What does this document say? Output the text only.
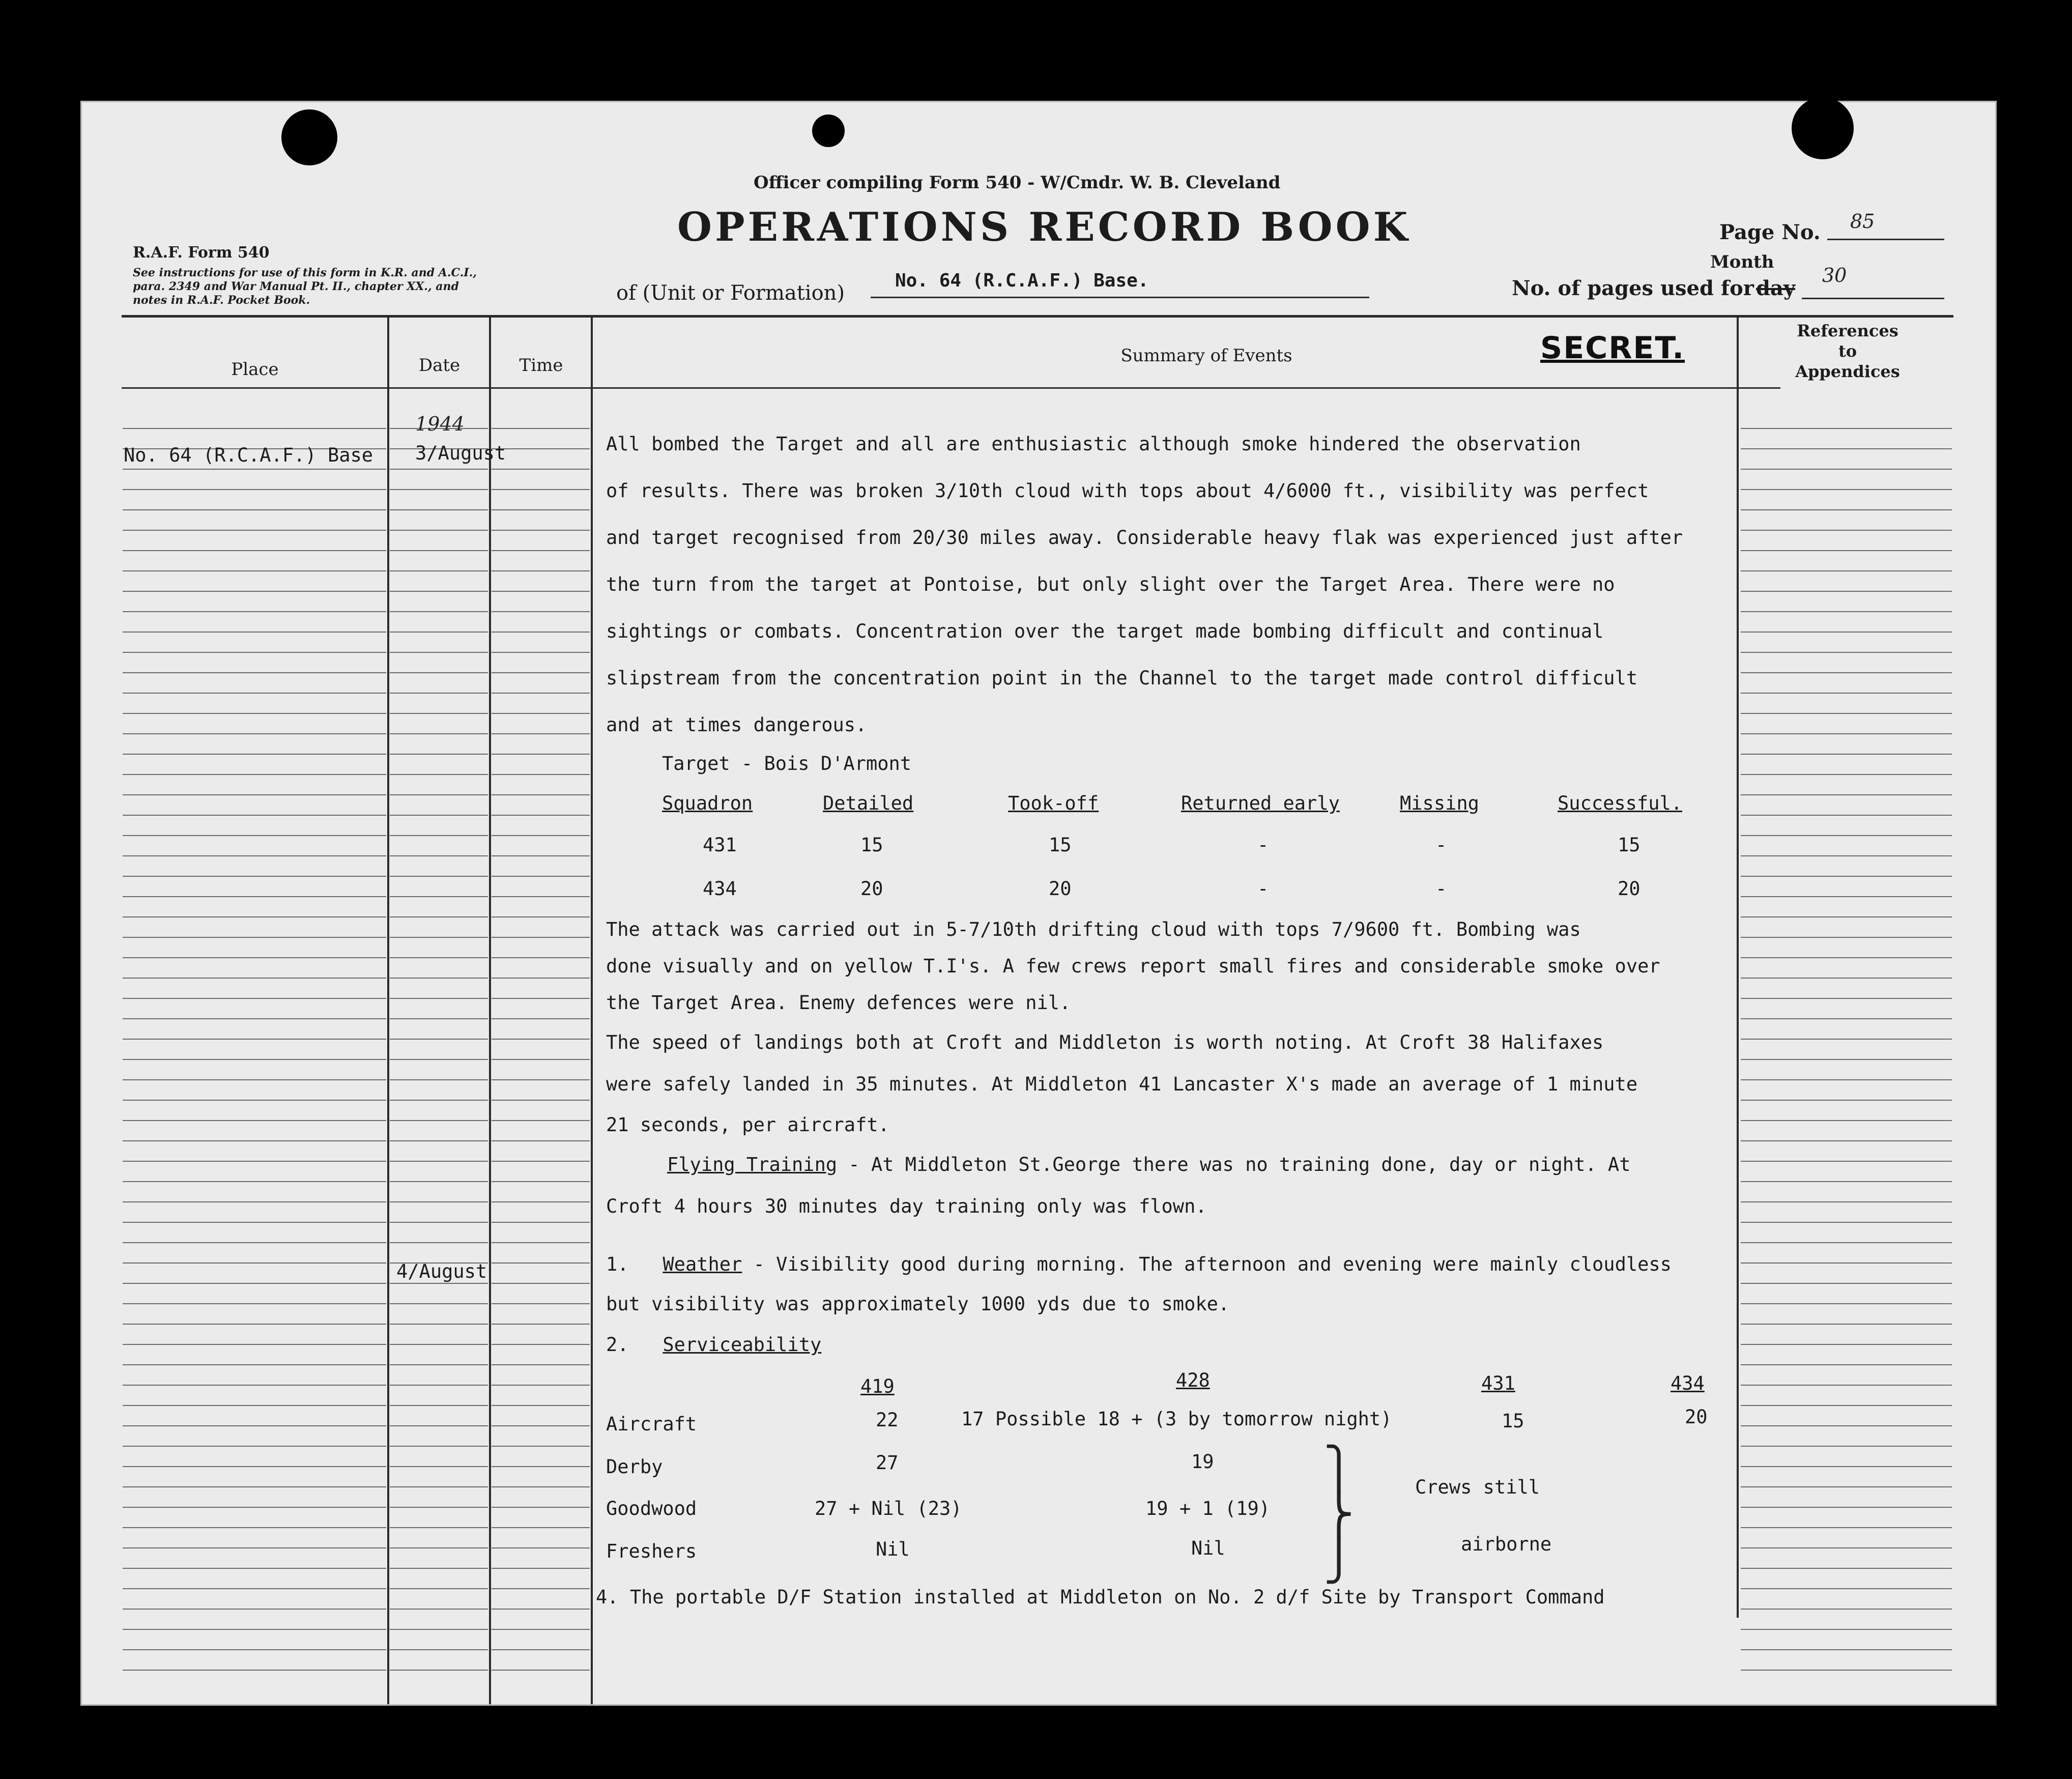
Officer compiling Form 540 - W/Cmdr. W. B. Cleveland
OPERATIONS RECORD BOOK
R.A.F. Form 540
See instructions for use of this form in K.R. and A.C.I.,
para. 2349 and War Manual Pt. II., chapter XX., and
notes in R.A.F. Pocket Book.
Page No. 85
of (Unit or Formation)
No. 64 (R.C.A.F.) Base.
Month
No. of pages used for day
30
Place	Date	Time	Summary of Events	SECRET.	References
to
Appendices
1944
No. 64 (R.C.A.F.) Base 3/August	All bombed the Target and all are enthusiastic although smoke hindered the observation
of results. There was broken 3/10th cloud with tops about 4/6000 ft., visibility was perfect
and target recognised from 20/30 miles away. Considerable heavy flak was experienced just after
the turn from the target at Pontoise, but only slight over the Target Area. There were no
sightings or combats. Concentration over the target made bombing difficult and continual
slipstream from the concentration point in the Channel to the target made control difficult
and at times dangerous.
Target - Bois D'Armont
Squadron	Detailed	Took-off	Returned early	Missing	Successful.
431	15	15	-	-	15
434	20	20	-	-	20
The attack was carried out in 5-7/10th drifting cloud with tops 7/9600 ft. Bombing was
done visually and on yellow T.I's. A few crews report small fires and considerable smoke over
the Target Area. Enemy defences were nil.
The speed of landings both at Croft and Middleton is worth noting. At Croft 38 Halifaxes
were safely landed in 35 minutes. At Middleton 41 Lancaster X's made an average of 1 minute
21 seconds, per aircraft.
Flying Training - At Middleton St.George there was no training done, day or night. At
Croft 4 hours 30 minutes day training only was flown.
4/August	1. Weather - Visibility good during morning. The afternoon and evening were mainly cloudless
but visibility was approximately 1000 yds due to smoke.
2. Serviceability
419	428	431	434
Aircraft	22	17 Possible 18 + (3 by tomorrow night)	15	20
Derby	27	19
Goodwood	27 + Nil (23)	19 + 1 (19)
Freshers	Nil	Nil
⎫
⎬
⎭
Crews still
airborne
4. The portable D/F Station installed at Middleton on No. 2 d/f Site by Transport Command
